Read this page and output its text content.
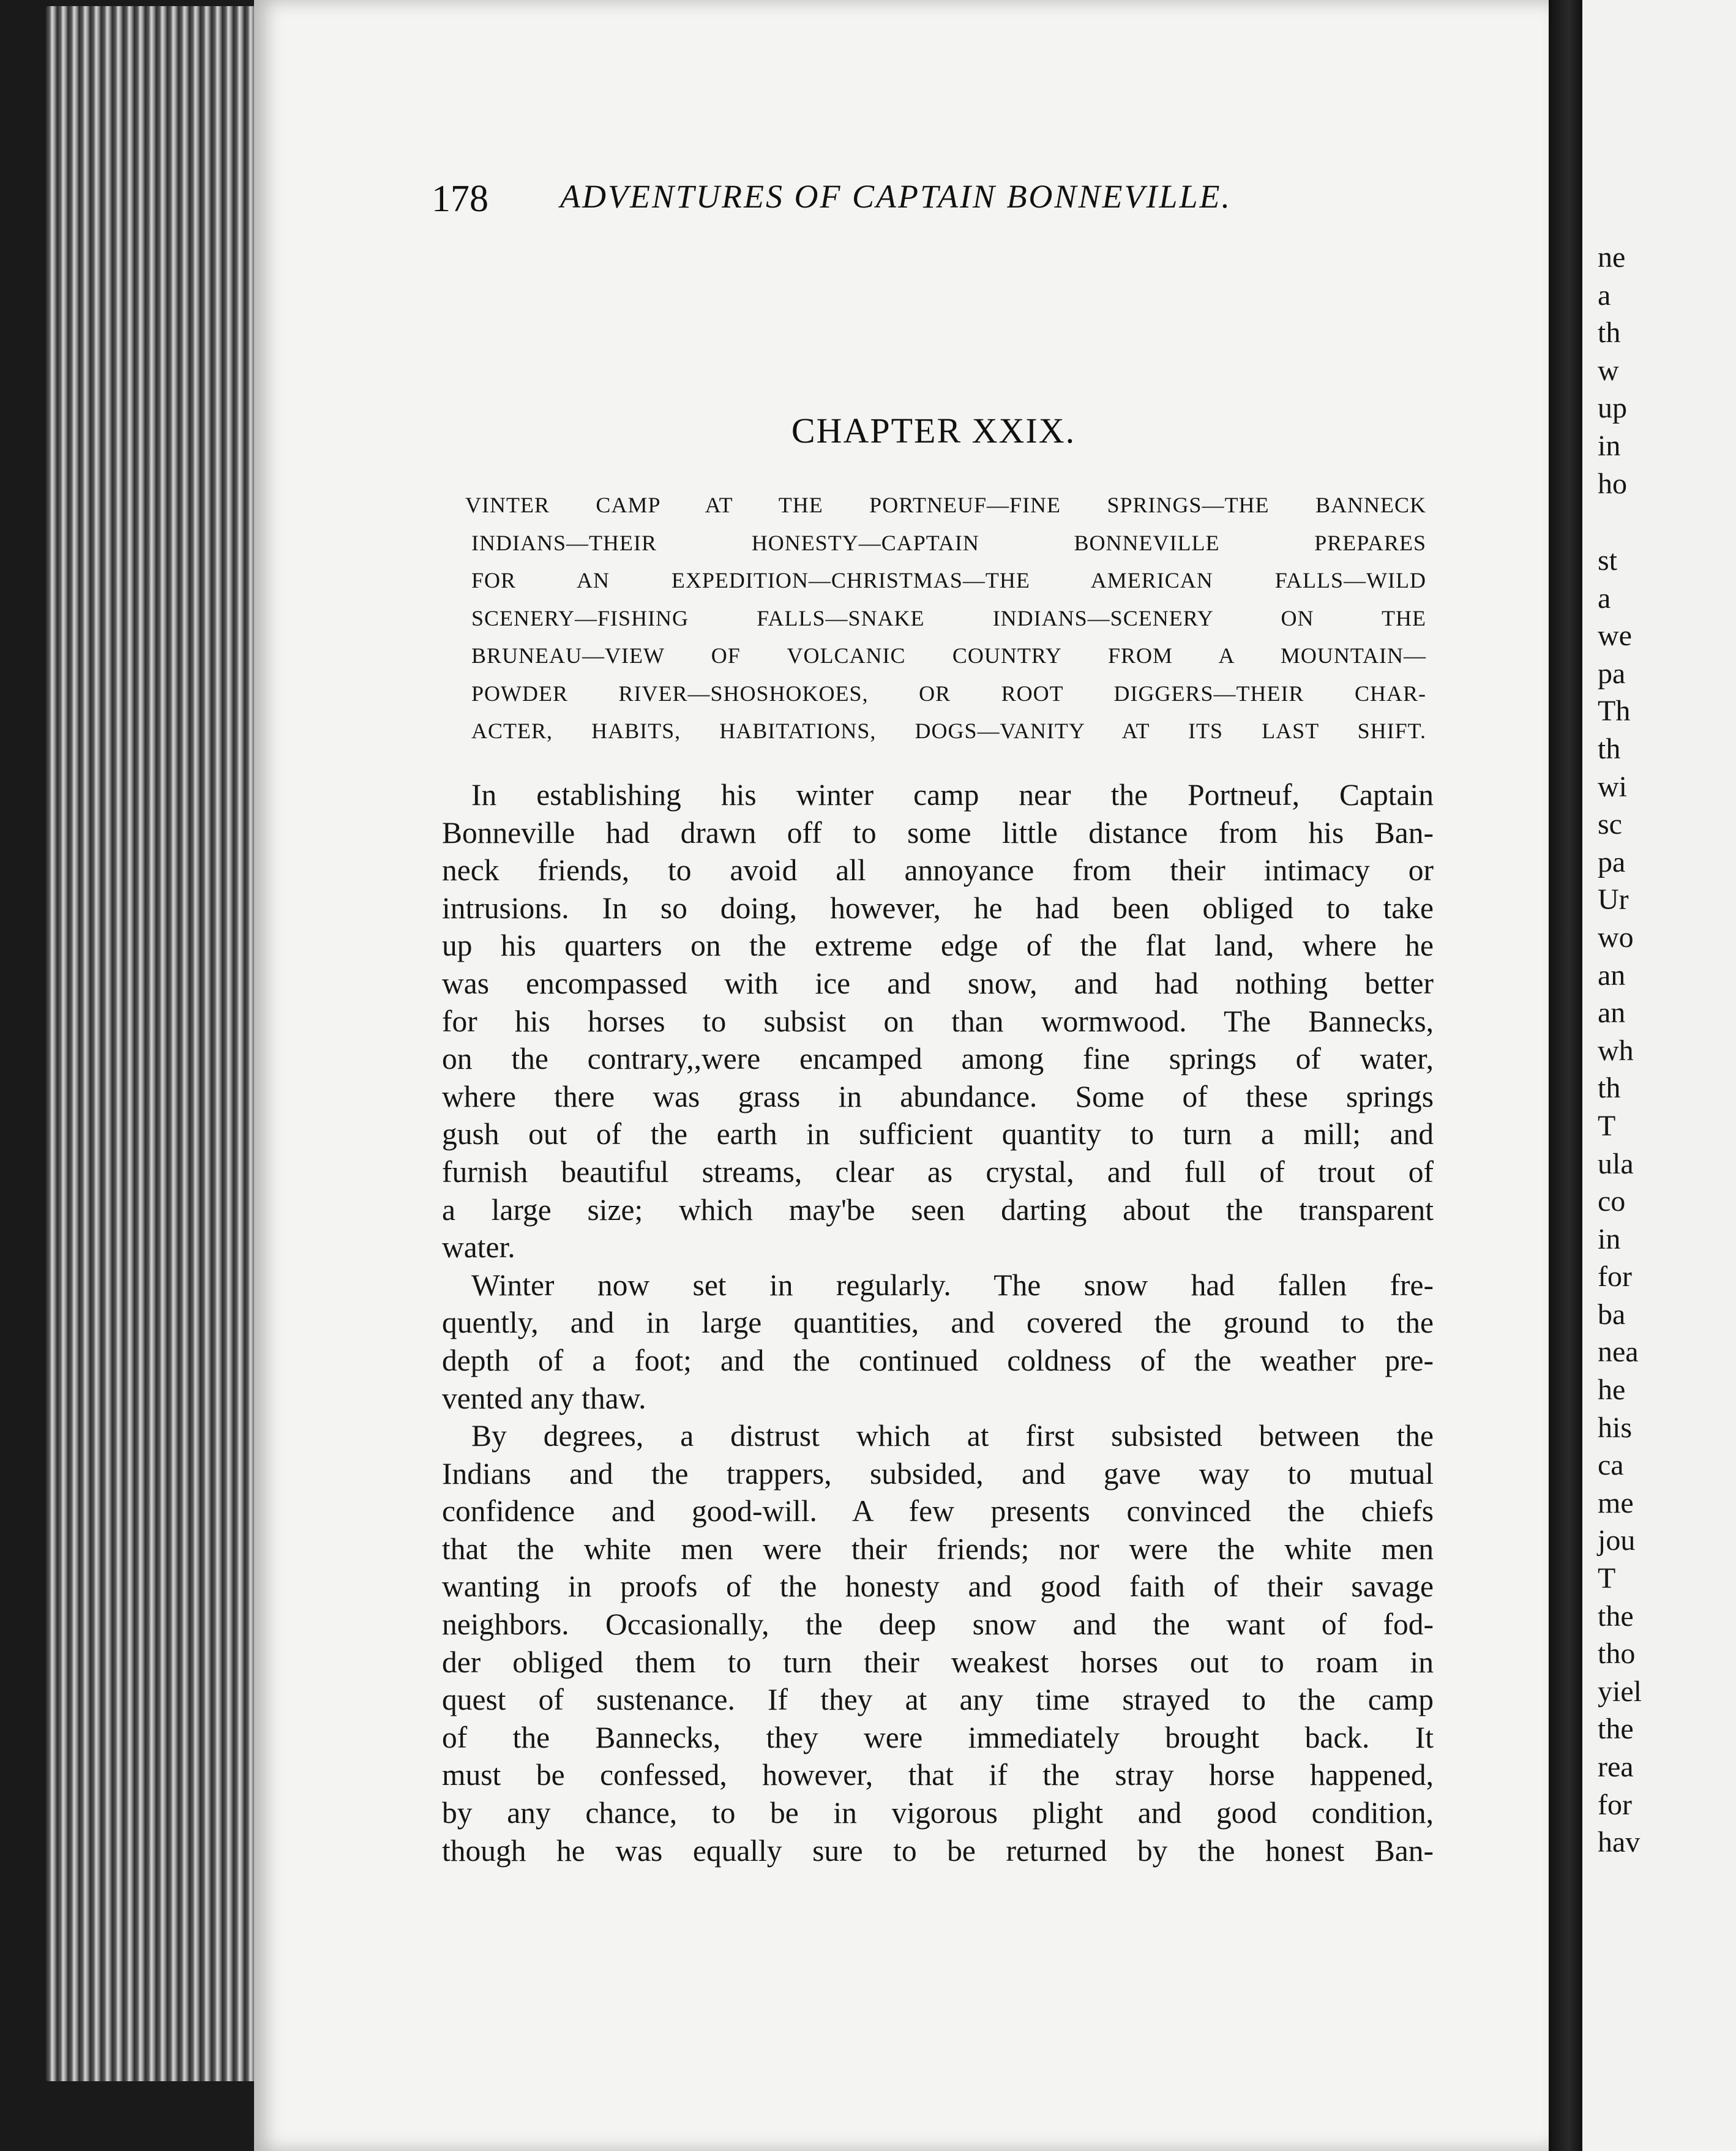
178 ADVENTURES OF CAPTAIN BONNEVILLE.
CHAPTER XXIX.
VINTER CAMP AT THE PORTNEUF—FINE SPRINGS—THE BANNECK
INDIANS—THEIR HONESTY—CAPTAIN BONNEVILLE PREPARES
FOR AN EXPEDITION—CHRISTMAS—THE AMERICAN FALLS—WILD
SCENERY—FISHING FALLS—SNAKE INDIANS—SCENERY ON THE
BRUNEAU—VIEW OF VOLCANIC COUNTRY FROM A MOUNTAIN—
POWDER RIVER—SHOSHOKOES, OR ROOT DIGGERS—THEIR CHAR-
ACTER, HABITS, HABITATIONS, DOGS—VANITY AT ITS LAST SHIFT.
In establishing his winter camp near the Portneuf, Captain
Bonneville had drawn off to some little distance from his Ban-
neck friends, to avoid all annoyance from their intimacy or
intrusions. In so doing, however, he had been obliged to take
up his quarters on the extreme edge of the flat land, where he
was encompassed with ice and snow, and had nothing better
for his horses to subsist on than wormwood. The Bannecks,
on the contrary,,were encamped among fine springs of water,
where there was grass in abundance. Some of these springs
gush out of the earth in sufficient quantity to turn a mill; and
furnish beautiful streams, clear as crystal, and full of trout of
a large size; which may'be seen darting about the transparent
water.
Winter now set in regularly. The snow had fallen fre-
quently, and in large quantities, and covered the ground to the
depth of a foot; and the continued coldness of the weather pre-
vented any thaw.
By degrees, a distrust which at first subsisted between the
Indians and the trappers, subsided, and gave way to mutual
confidence and good-will. A few presents convinced the chiefs
that the white men were their friends; nor were the white men
wanting in proofs of the honesty and good faith of their savage
neighbors. Occasionally, the deep snow and the want of fod-
der obliged them to turn their weakest horses out to roam in
quest of sustenance. If they at any time strayed to the camp
of the Bannecks, they were immediately brought back. It
must be confessed, however, that if the stray horse happened,
by any chance, to be in vigorous plight and good condition,
though he was equally sure to be returned by the honest Ban-
ne
a
th
w
up
in
ho
st
a
we
pa
Th
th
wi
sc
pa
Ur
wo
an
an
wh
th
T
ula
co
in
for
ba
nea
he
his
ca
me
jou
T
the
tho
yiel
the
rea
for
hav
